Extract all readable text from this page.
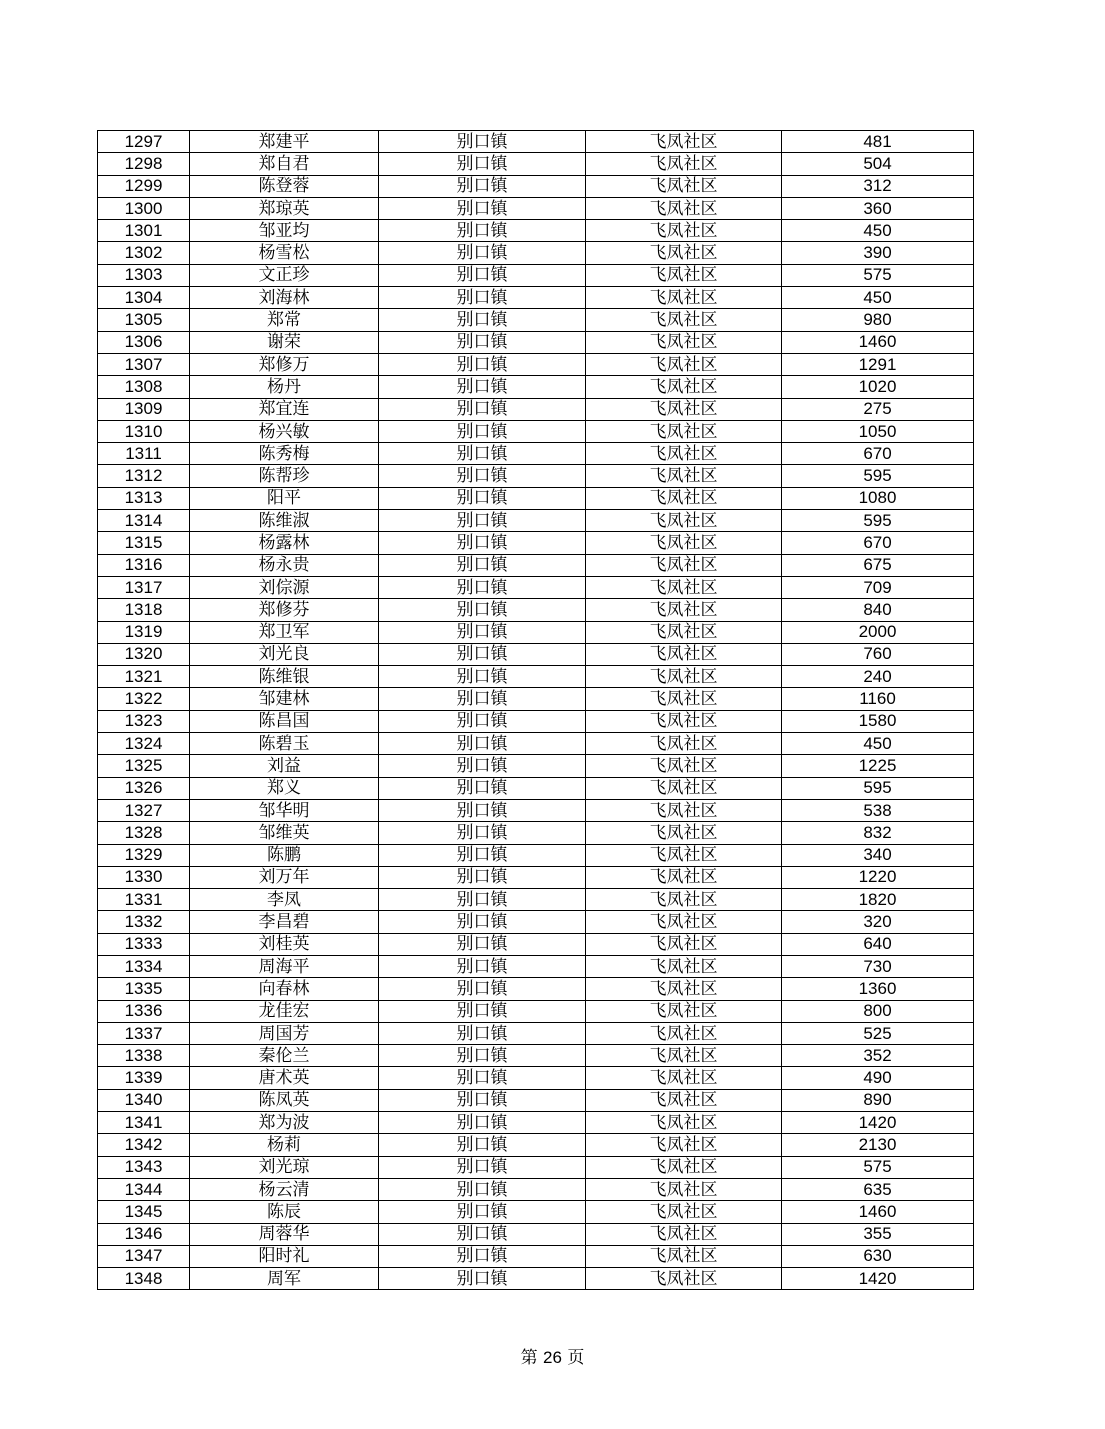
1297	郑建平	别口镇	飞凤社区	481
1298	郑自君	别口镇	飞凤社区	504
1299	陈登蓉	别口镇	飞凤社区	312
1300	郑琼英	别口镇	飞凤社区	360
1301	邹亚均	别口镇	飞凤社区	450
1302	杨雪松	别口镇	飞凤社区	390
1303	文正珍	别口镇	飞凤社区	575
1304	刘海林	别口镇	飞凤社区	450
1305	郑常	别口镇	飞凤社区	980
1306	谢荣	别口镇	飞凤社区	1460
1307	郑修万	别口镇	飞凤社区	1291
1308	杨丹	别口镇	飞凤社区	1020
1309	郑宜连	别口镇	飞凤社区	275
1310	杨兴敏	别口镇	飞凤社区	1050
1311	陈秀梅	别口镇	飞凤社区	670
1312	陈帮珍	别口镇	飞凤社区	595
1313	阳平	别口镇	飞凤社区	1080
1314	陈维淑	别口镇	飞凤社区	595
1315	杨露林	别口镇	飞凤社区	670
1316	杨永贵	别口镇	飞凤社区	675
1317	刘倧源	别口镇	飞凤社区	709
1318	郑修芬	别口镇	飞凤社区	840
1319	郑卫军	别口镇	飞凤社区	2000
1320	刘光良	别口镇	飞凤社区	760
1321	陈维银	别口镇	飞凤社区	240
1322	邹建林	别口镇	飞凤社区	1160
1323	陈昌国	别口镇	飞凤社区	1580
1324	陈碧玉	别口镇	飞凤社区	450
1325	刘益	别口镇	飞凤社区	1225
1326	郑义	别口镇	飞凤社区	595
1327	邹华明	别口镇	飞凤社区	538
1328	邹维英	别口镇	飞凤社区	832
1329	陈鹏	别口镇	飞凤社区	340
1330	刘万年	别口镇	飞凤社区	1220
1331	李凤	别口镇	飞凤社区	1820
1332	李昌碧	别口镇	飞凤社区	320
1333	刘桂英	别口镇	飞凤社区	640
1334	周海平	别口镇	飞凤社区	730
1335	向春林	别口镇	飞凤社区	1360
1336	龙佳宏	别口镇	飞凤社区	800
1337	周国芳	别口镇	飞凤社区	525
1338	秦伦兰	别口镇	飞凤社区	352
1339	唐术英	别口镇	飞凤社区	490
1340	陈凤英	别口镇	飞凤社区	890
1341	郑为波	别口镇	飞凤社区	1420
1342	杨莉	别口镇	飞凤社区	2130
1343	刘光琼	别口镇	飞凤社区	575
1344	杨云清	别口镇	飞凤社区	635
1345	陈辰	别口镇	飞凤社区	1460
1346	周蓉华	别口镇	飞凤社区	355
1347	阳时礼	别口镇	飞凤社区	630
1348	周军	别口镇	飞凤社区	1420
第 26 页
